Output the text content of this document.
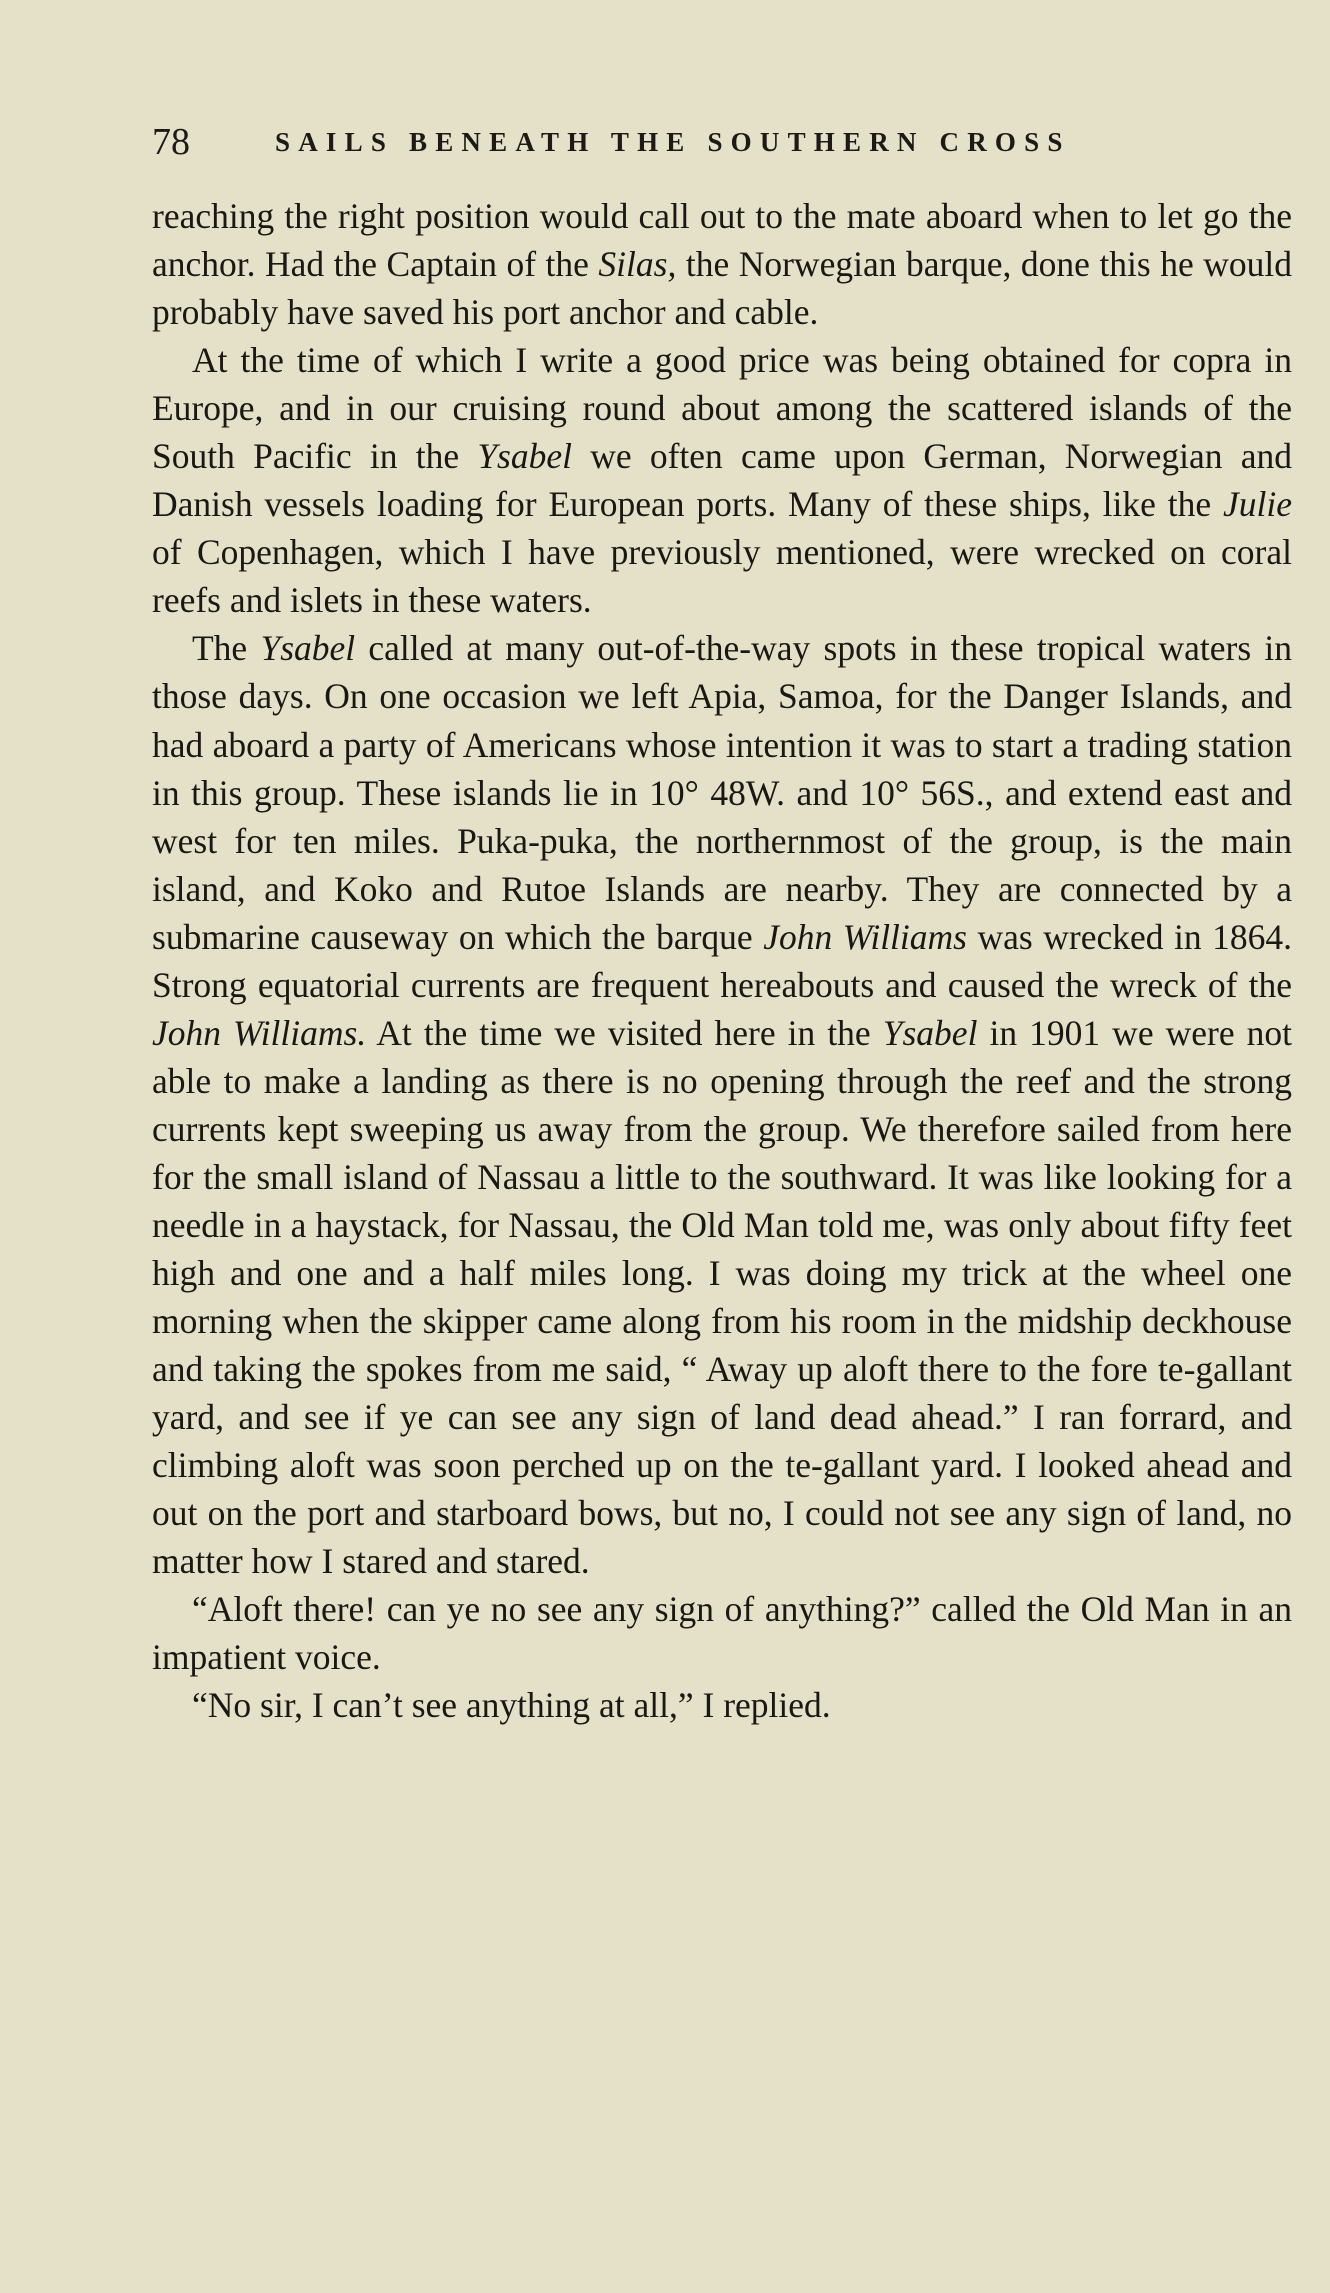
78	SAILS BENEATH THE SOUTHERN CROSS

reaching the right position would call out to the mate aboard when to let go the anchor. Had the Captain of the Silas, the Norwegian barque, done this he would probably have saved his port anchor and cable.

At the time of which I write a good price was being obtained for copra in Europe, and in our cruising round about among the scattered islands of the South Pacific in the Ysabel we often came upon German, Norwegian and Danish vessels loading for European ports. Many of these ships, like the Julie of Copenhagen, which I have previously mentioned, were wrecked on coral reefs and islets in these waters.

The Ysabel called at many out-of-the-way spots in these tropical waters in those days. On one occasion we left Apia, Samoa, for the Danger Islands, and had aboard a party of Americans whose intention it was to start a trading station in this group. These islands lie in 10° 48W. and 10° 56S., and extend east and west for ten miles. Puka-puka, the northernmost of the group, is the main island, and Koko and Rutoe Islands are nearby. They are connected by a submarine causeway on which the barque John Williams was wrecked in 1864. Strong equatorial currents are frequent hereabouts and caused the wreck of the John Williams. At the time we visited here in the Ysabel in 1901 we were not able to make a landing as there is no opening through the reef and the strong currents kept sweeping us away from the group. We therefore sailed from here for the small island of Nassau a little to the southward. It was like looking for a needle in a haystack, for Nassau, the Old Man told me, was only about fifty feet high and one and a half miles long. I was doing my trick at the wheel one morning when the skipper came along from his room in the midship deckhouse and taking the spokes from me said, “ Away up aloft there to the fore te-gallant yard, and see if ye can see any sign of land dead ahead.” I ran forrard, and climbing aloft was soon perched up on the te-gallant yard. I looked ahead and out on the port and starboard bows, but no, I could not see any sign of land, no matter how I stared and stared.

“Aloft there! can ye no see any sign of anything?” called the Old Man in an impatient voice.

“No sir, I can’t see anything at all,” I replied.
